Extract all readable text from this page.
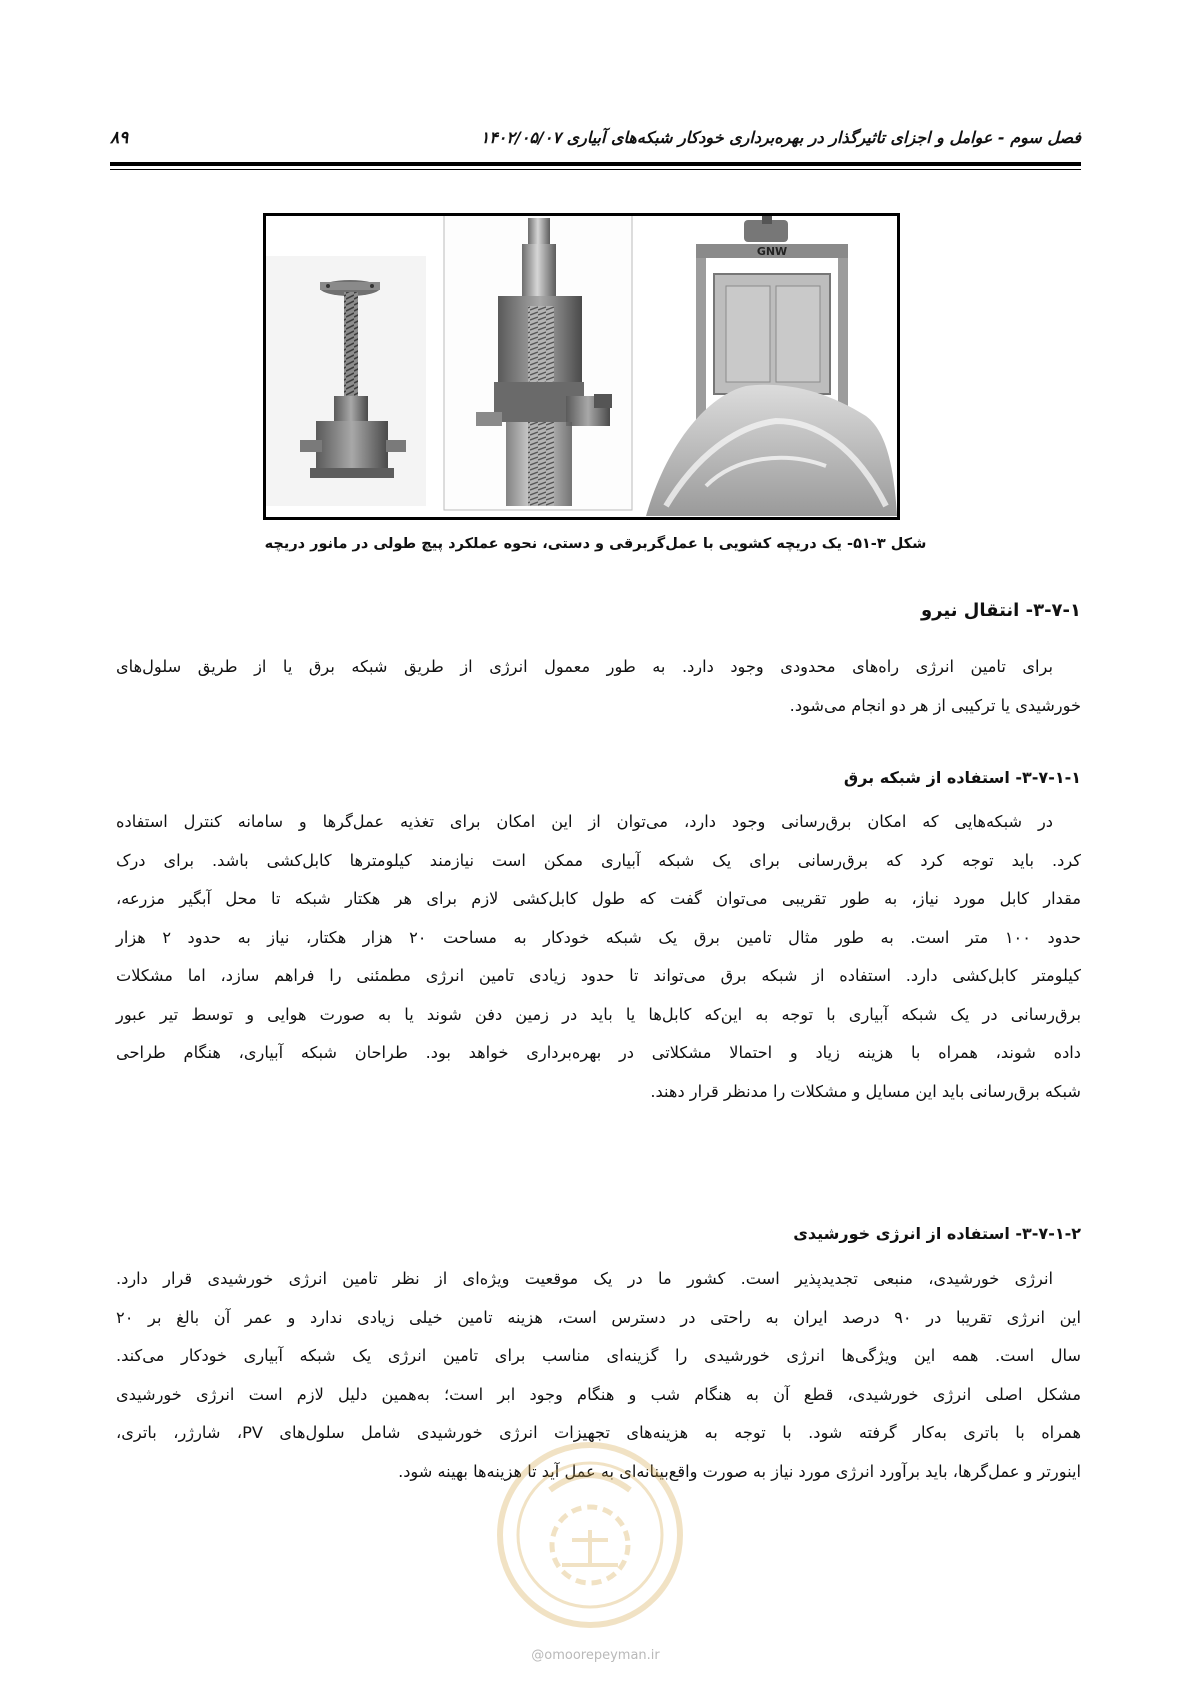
فصل سوم - عوامل و اجزای تاثیرگذار در بهره‌برداری خودکار شبکه‌های آبیاری ۱۴۰۲/۰۵/۰۷
۸۹
GNW
شکل ۳-۵۱- یک دریچه کشویی با عمل‌گربرقی و دستی، نحوه عملکرد پیچ طولی در مانور دریچه
۳-۷-۱- انتقال نیرو
برای تامین انرژی راه‌های محدودی وجود دارد. به طور معمول انرژی از طریق شبکه برق یا از طریق سلول‌های
خورشیدی یا ترکیبی از هر دو انجام می‌شود.
۳-۷-۱-۱- استفاده از شبکه برق
در شبکه‌هایی که امکان برق‌رسانی وجود دارد، می‌توان از این امکان برای تغذیه عمل‌گرها و سامانه کنترل استفاده
کرد. باید توجه کرد که برق‌رسانی برای یک شبکه آبیاری ممکن است نیازمند کیلومترها کابل‌کشی باشد. برای درک
مقدار کابل مورد نیاز، به طور تقریبی می‌توان گفت که طول کابل‌کشی لازم برای هر هکتار شبکه تا محل آبگیر مزرعه،
حدود ۱۰۰ متر است. به طور مثال تامین برق یک شبکه خودکار به مساحت ۲۰ هزار هکتار، نیاز به حدود ۲ هزار
کیلومتر کابل‌کشی دارد. استفاده از شبکه برق می‌تواند تا حدود زیادی تامین انرژی مطمئنی را فراهم سازد، اما مشکلات
برق‌رسانی در یک شبکه آبیاری با توجه به این‌که کابل‌ها یا باید در زمین دفن شوند یا به صورت هوایی و توسط تیر عبور
داده شوند، همراه با هزینه زیاد و احتمالا مشکلاتی در بهره‌برداری خواهد بود. طراحان شبکه آبیاری، هنگام طراحی
شبکه برق‌رسانی باید این مسایل و مشکلات را مدنظر قرار دهند.
۳-۷-۱-۲- استفاده از انرژی خورشیدی
انرژی خورشیدی، منبعی تجدیدپذیر است. کشور ما در یک موقعیت ویژه‌ای از نظر تامین انرژی خورشیدی قرار دارد.
این انرژی تقریبا در ۹۰ درصد ایران به راحتی در دسترس است، هزینه تامین خیلی زیادی ندارد و عمر آن بالغ بر ۲۰
سال است. همه این ویژگی‌ها انرژی خورشیدی را گزینه‌ای مناسب برای تامین انرژی یک شبکه آبیاری خودکار می‌کند.
مشکل اصلی انرژی خورشیدی، قطع آن به هنگام شب و هنگام وجود ابر است؛ به‌همین دلیل لازم است انرژی خورشیدی
همراه با باتری به‌کار گرفته شود. با توجه به هزینه‌های تجهیزات انرژی خورشیدی شامل سلول‌های PV، شارژر، باتری،
اینورتر و عمل‌گرها، باید برآورد انرژی مورد نیاز به صورت واقع‌بینانه‌ای به عمل آید تا هزینه‌ها بهینه شود.
@omoorepeyman.ir
